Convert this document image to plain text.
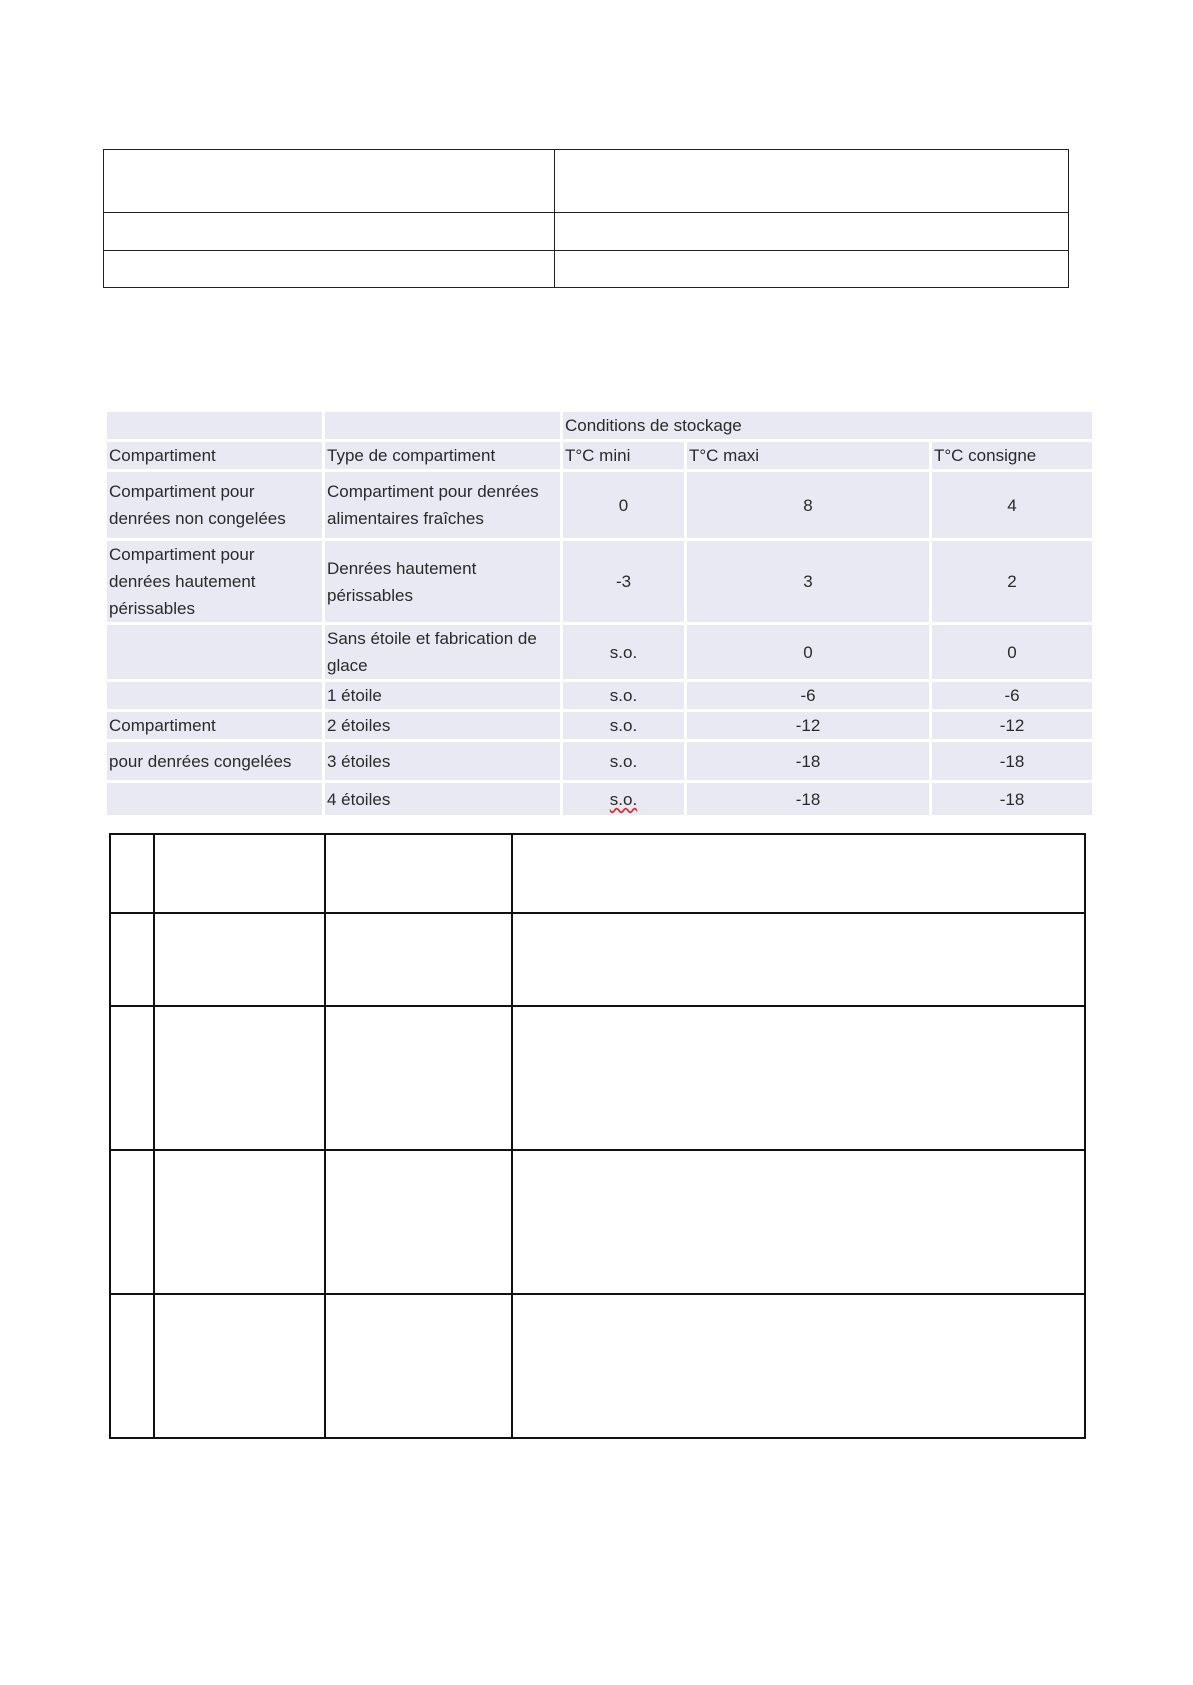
		Conditions de stockage		
Compartiment	Type de compartiment	T°C mini	T°C maxi	T°C consigne
Compartiment pour denrées non congelées	Compartiment pour denrées alimentaires fraîches	0	8	4
Compartiment pour denrées hautement périssables	Denrées hautement périssables	-3	3	2
	Sans étoile et fabrication de glace	s.o.	0	0
	1 étoile	s.o.	-6	-6
Compartiment	2 étoiles	s.o.	-12	-12
pour denrées congelées	3 étoiles	s.o.	-18	-18
	4 étoiles	s.o.	-18	-18
